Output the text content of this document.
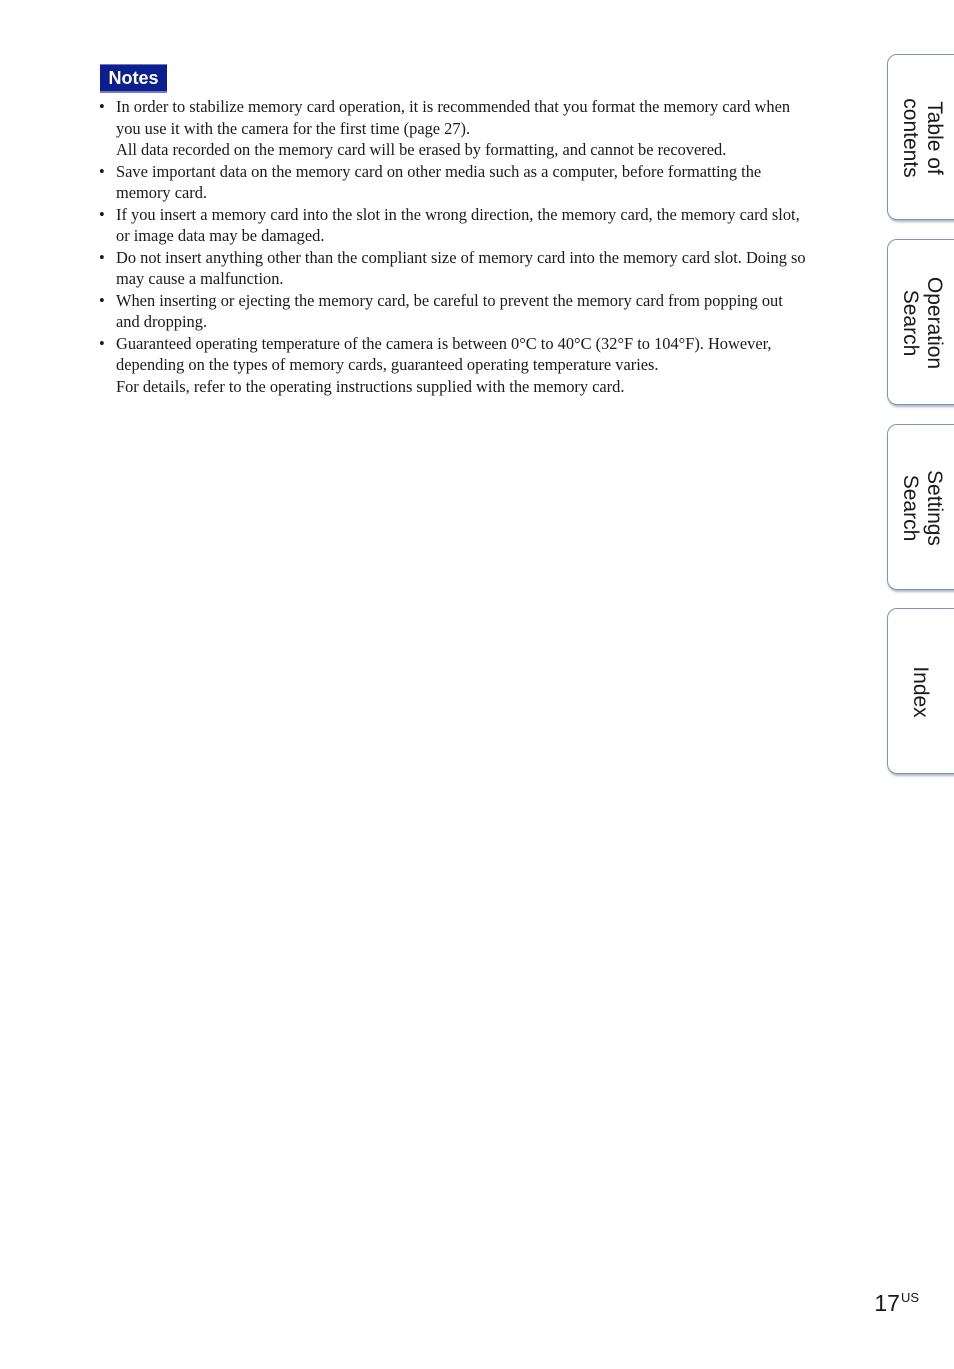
Notes
• In order to stabilize memory card operation, it is recommended that you format the memory card when
you use it with the camera for the first time (page 27).
All data recorded on the memory card will be erased by formatting, and cannot be recovered.
• Save important data on the memory card on other media such as a computer, before formatting the
memory card.
• If you insert a memory card into the slot in the wrong direction, the memory card, the memory card slot,
or image data may be damaged.
• Do not insert anything other than the compliant size of memory card into the memory card slot. Doing so
may cause a malfunction.
• When inserting or ejecting the memory card, be careful to prevent the memory card from popping out
and dropping.
• Guaranteed operating temperature of the camera is between 0°C to 40°C (32°F to 104°F). However,
depending on the types of memory cards, guaranteed operating temperature varies.
For details, refer to the operating instructions supplied with the memory card.
Table of
contents
Operation
Search
Settings
Search
Index
$17^{US}$
